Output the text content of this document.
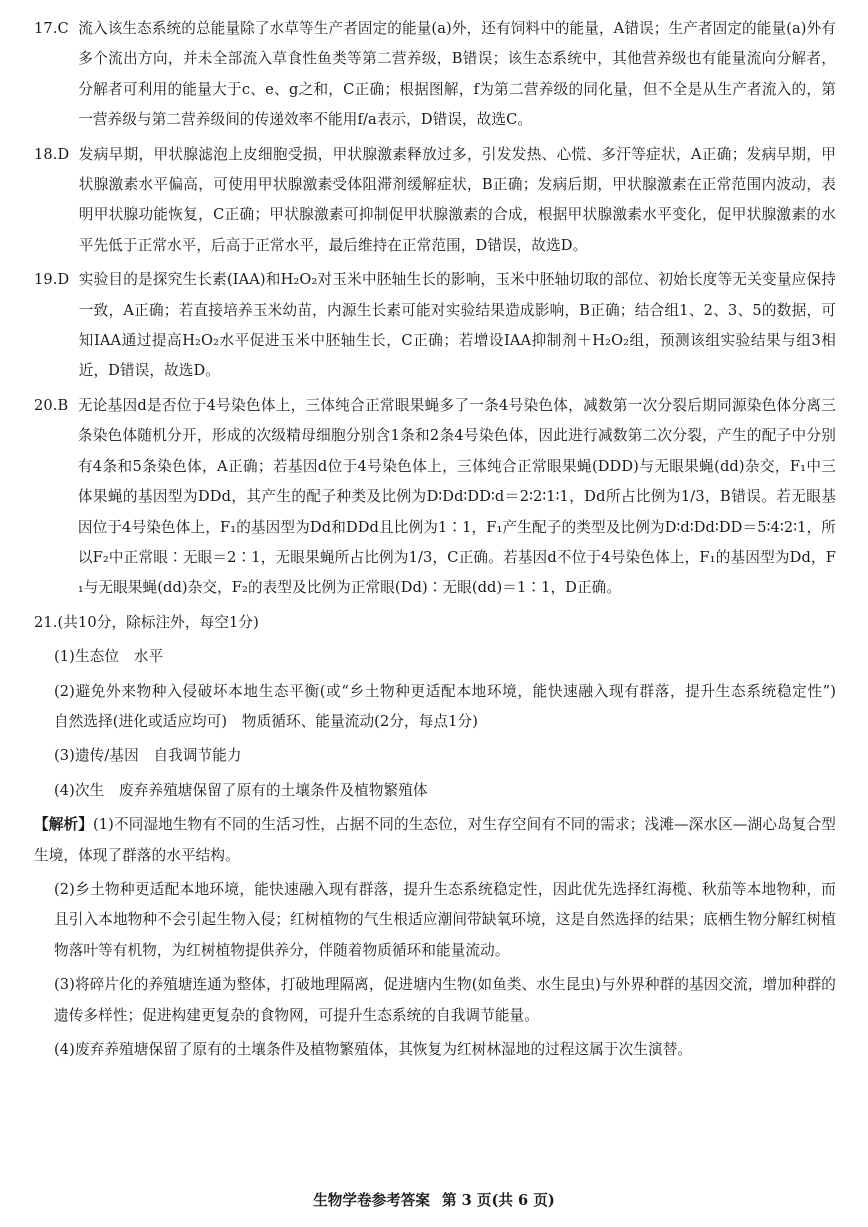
17.C
流入该生态系统的总能量除了水草等生产者固定的能量(a)外，还有饲料中的能量，A错误；生产者固定的能量(a)外有多个流出方向，并未全部流入草食性鱼类等第二营养级，B错误；该生态系统中，其他营养级也有能量流向分解者，分解者可利用的能量大于c、e、g之和，C正确；根据图解，f为第二营养级的同化量，但不全是从生产者流入的，第一营养级与第二营养级间的传递效率不能用f/a表示，D错误，故选C。
18.D
发病早期，甲状腺滤泡上皮细胞受损，甲状腺激素释放过多，引发发热、心慌、多汗等症状，A正确；发病早期，甲状腺激素水平偏高，可使用甲状腺激素受体阻滞剂缓解症状，B正确；发病后期，甲状腺激素在正常范围内波动，表明甲状腺功能恢复，C正确；甲状腺激素可抑制促甲状腺激素的合成，根据甲状腺激素水平变化，促甲状腺激素的水平先低于正常水平，后高于正常水平，最后维持在正常范围，D错误，故选D。
19.D
实验目的是探究生长素(IAA)和H₂O₂对玉米中胚轴生长的影响，玉米中胚轴切取的部位、初始长度等无关变量应保持一致，A正确；若直接培养玉米幼苗，内源生长素可能对实验结果造成影响，B正确；结合组1、2、3、5的数据，可知IAA通过提高H₂O₂水平促进玉米中胚轴生长，C正确；若增设IAA抑制剂＋H₂O₂组，预测该组实验结果与组3相近，D错误，故选D。
20.B
无论基因d是否位于4号染色体上，三体纯合正常眼果蝇多了一条4号染色体，减数第一次分裂后期同源染色体分离三条染色体随机分开，形成的次级精母细胞分别含1条和2条4号染色体，因此进行减数第二次分裂，产生的配子中分别有4条和5条染色体，A正确；若基因d位于4号染色体上，三体纯合正常眼果蝇(DDD)与无眼果蝇(dd)杂交，F₁中三体果蝇的基因型为DDd，其产生的配子种类及比例为D∶Dd∶DD∶d＝2∶2∶1∶1，Dd所占比例为1/3，B错误。若无眼基因位于4号染色体上，F₁的基因型为Dd和DDd且比例为1∶1，F₁产生配子的类型及比例为D∶d∶Dd∶DD＝5∶4∶2∶1，所以F₂中正常眼∶无眼＝2∶1，无眼果蝇所占比例为1/3，C正确。若基因d不位于4号染色体上，F₁的基因型为Dd，F₁与无眼果蝇(dd)杂交，F₂的表型及比例为正常眼(Dd)∶无眼(dd)＝1∶1，D正确。
21.(共10分，除标注外，每空1分)
(1)生态位　水平
(2)避免外来物种入侵破坏本地生态平衡(或“乡土物种更适配本地环境，能快速融入现有群落，提升生态系统稳定性”)　自然选择(进化或适应均可)　物质循环、能量流动(2分，每点1分)
(3)遗传/基因　自我调节能力
(4)次生　废弃养殖塘保留了原有的土壤条件及植物繁殖体
【解析】(1)不同湿地生物有不同的生活习性，占据不同的生态位，对生存空间有不同的需求；浅滩—深水区—湖心岛复合型生境，体现了群落的水平结构。
(2)乡土物种更适配本地环境，能快速融入现有群落，提升生态系统稳定性，因此优先选择红海榄、秋茄等本地物种，而且引入本地物种不会引起生物入侵；红树植物的气生根适应潮间带缺氧环境，这是自然选择的结果；底栖生物分解红树植物落叶等有机物，为红树植物提供养分，伴随着物质循环和能量流动。
(3)将碎片化的养殖塘连通为整体，打破地理隔离，促进塘内生物(如鱼类、水生昆虫)与外界种群的基因交流，增加种群的遗传多样性；促进构建更复杂的食物网，可提升生态系统的自我调节能量。
(4)废弃养殖塘保留了原有的土壤条件及植物繁殖体，其恢复为红树林湿地的过程这属于次生演替。
生物学卷参考答案 第 3 页(共 6 页)
